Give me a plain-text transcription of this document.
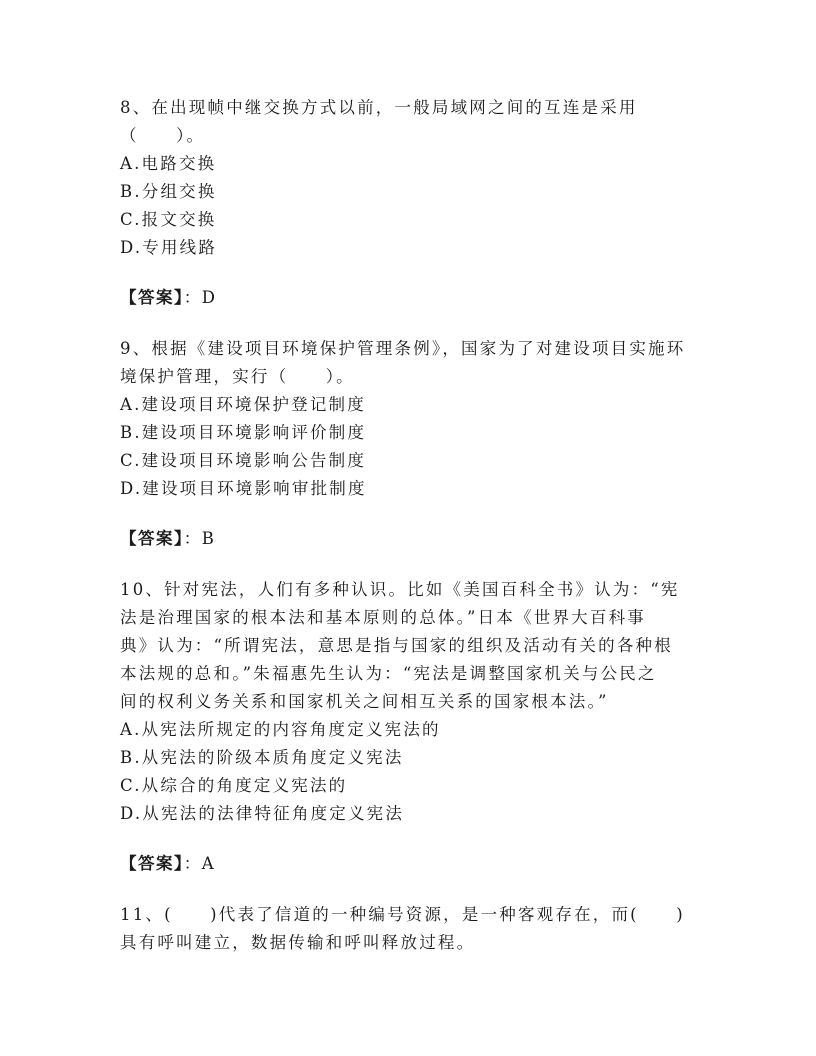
8、在出现帧中继交换方式以前，一般局域网之间的互连是采用
（　　）。
A.电路交换
B.分组交换
C.报文交换
D.专用线路
【答案】：D
9、根据《建设项目环境保护管理条例》，国家为了对建设项目实施环
境保护管理，实行（　　）。
A.建设项目环境保护登记制度
B.建设项目环境影响评价制度
C.建设项目环境影响公告制度
D.建设项目环境影响审批制度
【答案】：B
10、针对宪法，人们有多种认识。比如《美国百科全书》认为：“宪
法是治理国家的根本法和基本原则的总体。”日本《世界大百科事
典》认为：“所谓宪法，意思是指与国家的组织及活动有关的各种根
本法规的总和。”朱福惠先生认为：“宪法是调整国家机关与公民之
间的权利义务关系和国家机关之间相互关系的国家根本法。”
A.从宪法所规定的内容角度定义宪法的
B.从宪法的阶级本质角度定义宪法
C.从综合的角度定义宪法的
D.从宪法的法律特征角度定义宪法
【答案】：A
11、(　　)代表了信道的一种编号资源，是一种客观存在，而(　　)
具有呼叫建立，数据传输和呼叫释放过程。
